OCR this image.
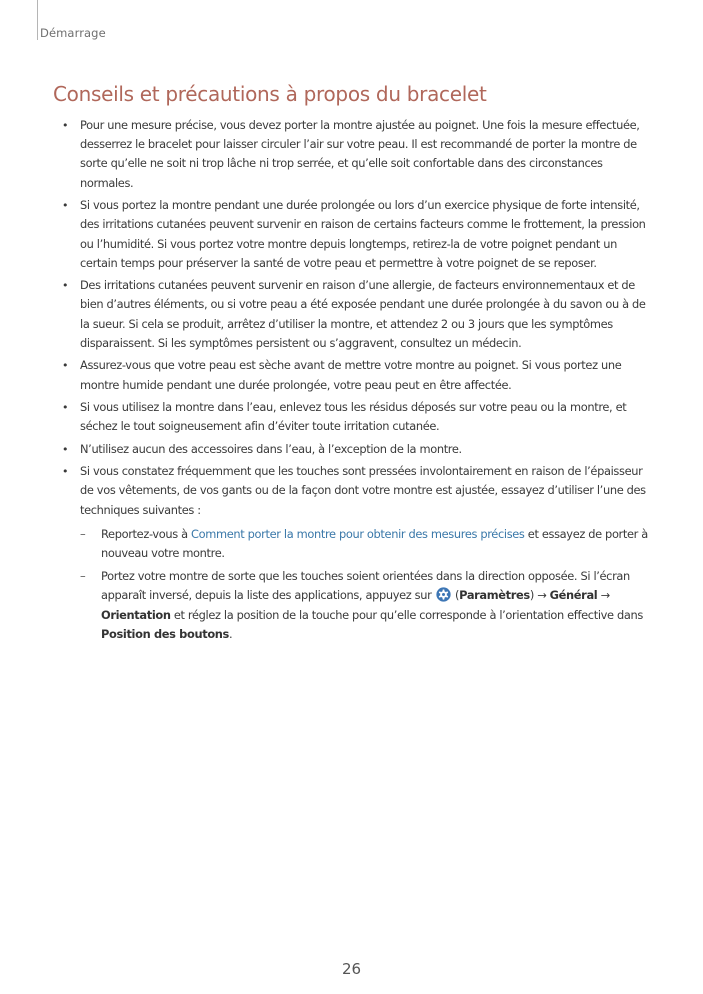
Démarrage
Conseils et précautions à propos du bracelet
•	Pour une mesure précise, vous devez porter la montre ajustée au poignet. Une fois la mesure effectuée, desserrez le bracelet pour laisser circuler l’air sur votre peau. Il est recommandé de porter la montre de sorte qu’elle ne soit ni trop lâche ni trop serrée, et qu’elle soit confortable dans des circonstances normales.
•	Si vous portez la montre pendant une durée prolongée ou lors d’un exercice physique de forte intensité, des irritations cutanées peuvent survenir en raison de certains facteurs comme le frottement, la pression ou l’humidité. Si vous portez votre montre depuis longtemps, retirez-la de votre poignet pendant un certain temps pour préserver la santé de votre peau et permettre à votre poignet de se reposer.
•	Des irritations cutanées peuvent survenir en raison d’une allergie, de facteurs environnementaux et de bien d’autres éléments, ou si votre peau a été exposée pendant une durée prolongée à du savon ou à de la sueur. Si cela se produit, arrêtez d’utiliser la montre, et attendez 2 ou 3 jours que les symptômes disparaissent. Si les symptômes persistent ou s’aggravent, consultez un médecin.
•	Assurez-vous que votre peau est sèche avant de mettre votre montre au poignet. Si vous portez une montre humide pendant une durée prolongée, votre peau peut en être affectée.
•	Si vous utilisez la montre dans l’eau, enlevez tous les résidus déposés sur votre peau ou la montre, et séchez le tout soigneusement afin d’éviter toute irritation cutanée.
•	N’utilisez aucun des accessoires dans l’eau, à l’exception de la montre.
•	Si vous constatez fréquemment que les touches sont pressées involontairement en raison de l’épaisseur de vos vêtements, de vos gants ou de la façon dont votre montre est ajustée, essayez d’utiliser l’une des techniques suivantes :
– Reportez-vous à Comment porter la montre pour obtenir des mesures précises et essayez de porter à nouveau votre montre.
– Portez votre montre de sorte que les touches soient orientées dans la direction opposée. Si l’écran apparaît inversé, depuis la liste des applications, appuyez sur  (Paramètres) → Général → Orientation et réglez la position de la touche pour qu’elle corresponde à l’orientation effective dans Position des boutons.
26
